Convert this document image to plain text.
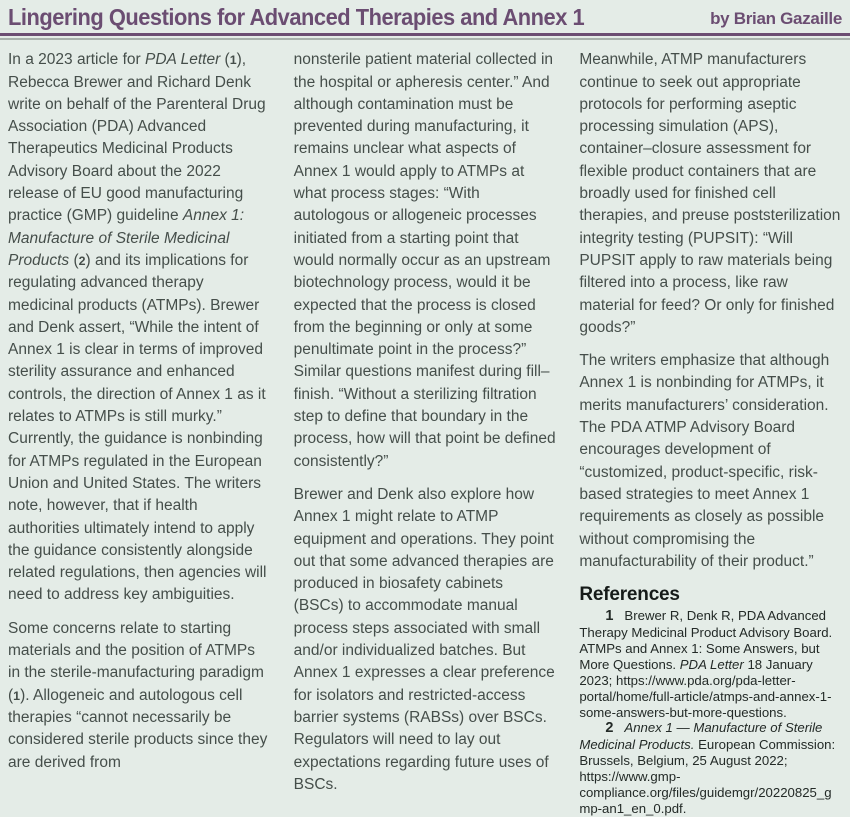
Lingering Questions for Advanced Therapies and Annex 1	by Brian Gazaille

In a 2023 article for PDA Letter (1), Rebecca Brewer and Richard Denk write on behalf of the Parenteral Drug Association (PDA) Advanced Therapeutics Medicinal Products Advisory Board about the 2022 release of EU good manufacturing practice (GMP) guideline Annex 1: Manufacture of Sterile Medicinal Products (2) and its implications for regulating advanced therapy medicinal products (ATMPs). Brewer and Denk assert, “While the intent of Annex 1 is clear in terms of improved sterility assurance and enhanced controls, the direction of Annex 1 as it relates to ATMPs is still murky.” Currently, the guidance is nonbinding for ATMPs regulated in the European Union and United States. The writers note, however, that if health authorities ultimately intend to apply the guidance consistently alongside related regulations, then agencies will need to address key ambiguities.

Some concerns relate to starting materials and the position of ATMPs in the sterile-manufacturing paradigm (1). Allogeneic and autologous cell therapies “cannot necessarily be considered sterile products since they are derived from

nonsterile patient material collected in the hospital or apheresis center.” And although contamination must be prevented during manufacturing, it remains unclear what aspects of Annex 1 would apply to ATMPs at what process stages: “With autologous or allogeneic processes initiated from a starting point that would normally occur as an upstream biotechnology process, would it be expected that the process is closed from the beginning or only at some penultimate point in the process?” Similar questions manifest during fill–finish. “Without a sterilizing filtration step to define that boundary in the process, how will that point be defined consistently?”

Brewer and Denk also explore how Annex 1 might relate to ATMP equipment and operations. They point out that some advanced therapies are produced in biosafety cabinets (BSCs) to accommodate manual process steps associated with small and/or individualized batches. But Annex 1 expresses a clear preference for isolators and restricted-access barrier systems (RABSs) over BSCs. Regulators will need to lay out expectations regarding future uses of BSCs.

Meanwhile, ATMP manufacturers continue to seek out appropriate protocols for performing aseptic processing simulation (APS), container–closure assessment for flexible product containers that are broadly used for finished cell therapies, and preuse poststerilization integrity testing (PUPSIT): “Will PUPSIT apply to raw materials being filtered into a process, like raw material for feed? Or only for finished goods?”

The writers emphasize that although Annex 1 is nonbinding for ATMPs, it merits manufacturers’ consideration. The PDA ATMP Advisory Board encourages development of “customized, product-specific, risk-based strategies to meet Annex 1 requirements as closely as possible without compromising the manufacturability of their product.”

References

1 Brewer R, Denk R, PDA Advanced Therapy Medicinal Product Advisory Board. ATMPs and Annex 1: Some Answers, but More Questions. PDA Letter 18 January 2023; https://www.pda.org/pda-letter-portal/home/full-article/atmps-and-annex-1-some-answers-but-more-questions.

2 Annex 1 — Manufacture of Sterile Medicinal Products. European Commission: Brussels, Belgium, 25 August 2022; https://www.gmp-compliance.org/files/guidemgr/20220825_gmp-an1_en_0.pdf.
